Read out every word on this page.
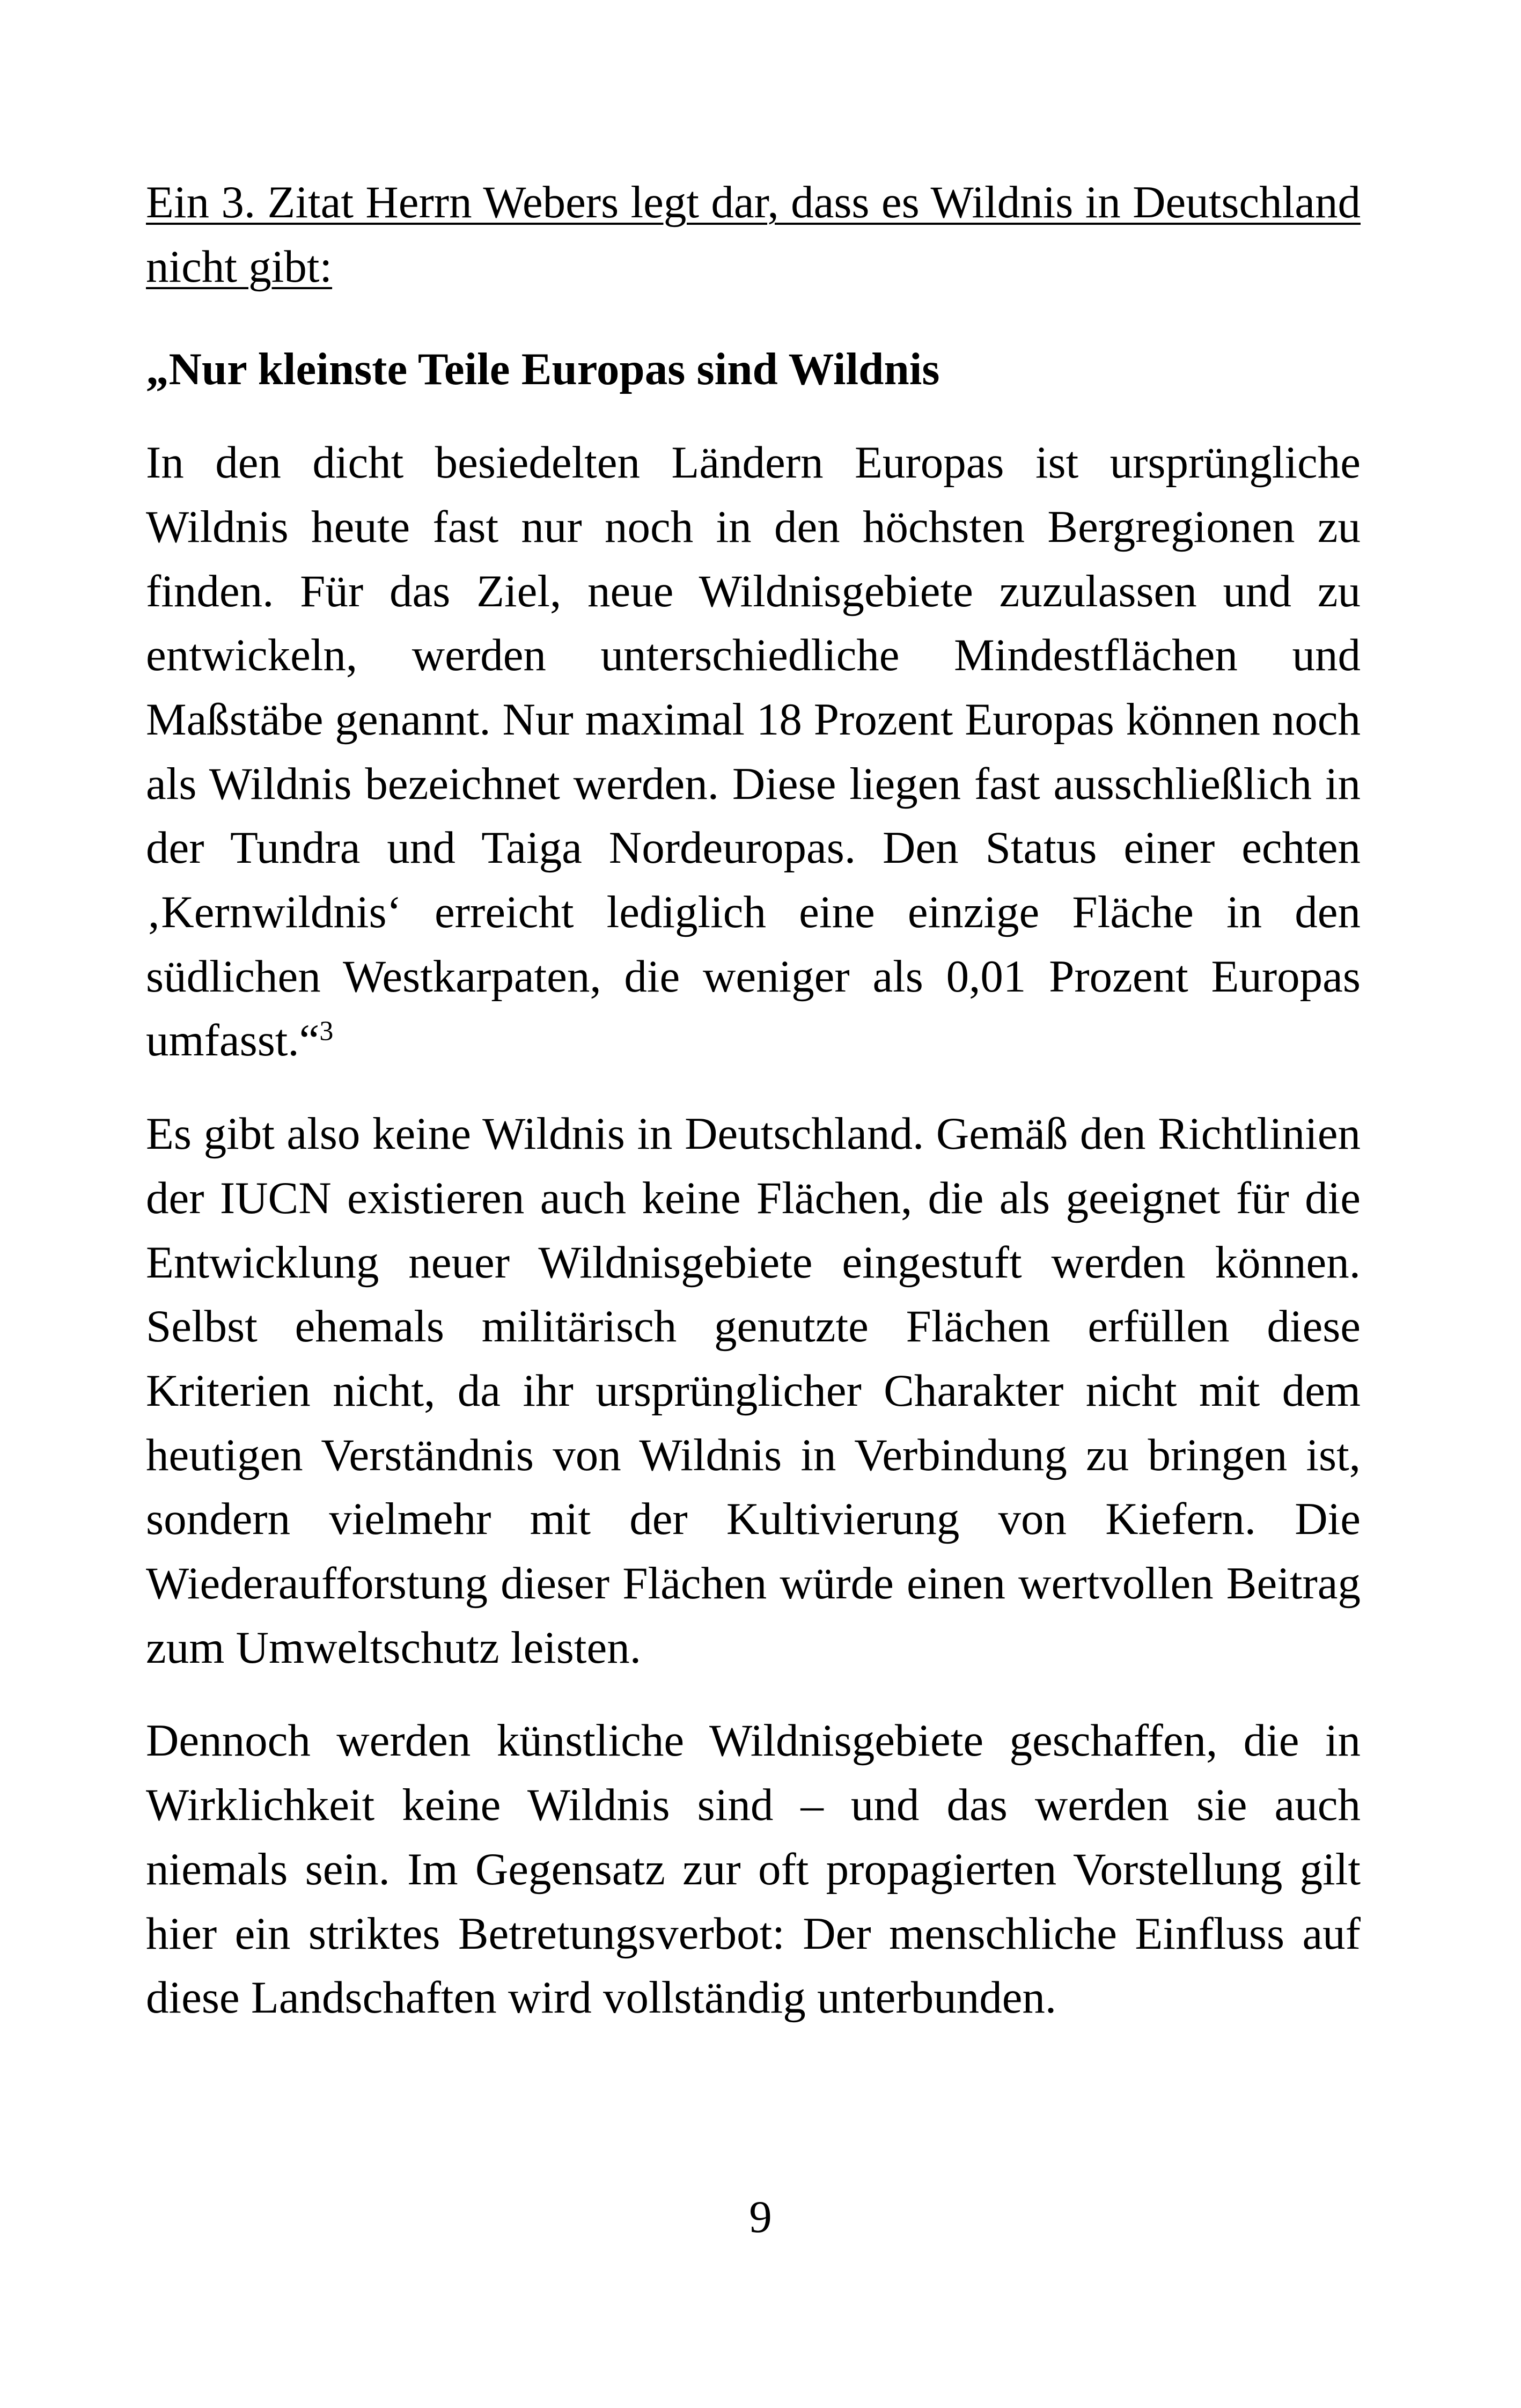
Ein 3. Zitat Herrn Webers legt dar, dass es Wildnis in Deutschland nicht gibt:

„Nur kleinste Teile Europas sind Wildnis

In den dicht besiedelten Ländern Europas ist ursprüngliche Wildnis heute fast nur noch in den höchsten Bergregionen zu finden. Für das Ziel, neue Wildnisgebiete zuzulassen und zu entwickeln, werden unterschiedliche Mindestflächen und Maßstäbe genannt. Nur maximal 18 Prozent Europas können noch als Wildnis bezeichnet werden. Diese liegen fast ausschließlich in der Tundra und Taiga Nordeuropas. Den Status einer echten ‚Kernwildnis‘ erreicht lediglich eine einzige Fläche in den südlichen Westkarpaten, die weniger als 0,01 Prozent Europas umfasst.“$^3$

Es gibt also keine Wildnis in Deutschland. Gemäß den Richtlinien der IUCN existieren auch keine Flächen, die als geeignet für die Entwicklung neuer Wildnisgebiete eingestuft werden können. Selbst ehemals militärisch genutzte Flächen erfüllen diese Kriterien nicht, da ihr ursprünglicher Charakter nicht mit dem heutigen Verständnis von Wildnis in Verbindung zu bringen ist, sondern vielmehr mit der Kultivierung von Kiefern. Die Wiederaufforstung dieser Flächen würde einen wertvollen Beitrag zum Umweltschutz leisten.

Dennoch werden künstliche Wildnisgebiete geschaffen, die in Wirklichkeit keine Wildnis sind – und das werden sie auch niemals sein. Im Gegensatz zur oft propagierten Vorstellung gilt hier ein striktes Betretungsverbot: Der menschliche Einfluss auf diese Landschaften wird vollständig unterbunden.

9
